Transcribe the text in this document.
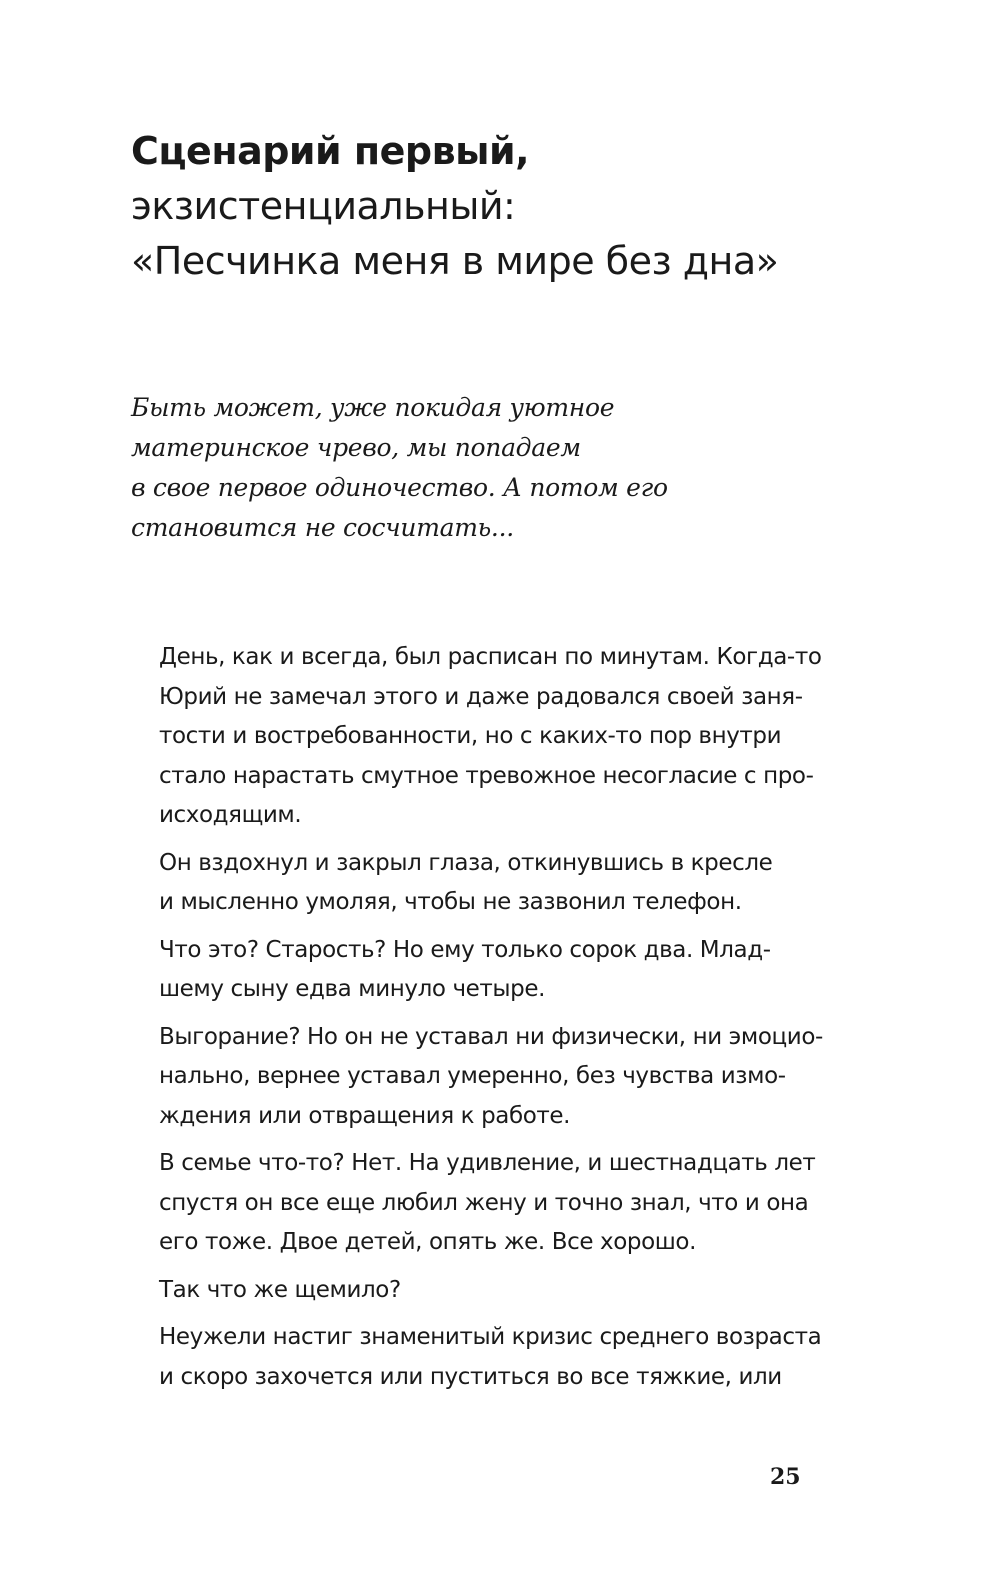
Сценарий первый,
экзистенциальный:
«Песчинка меня в мире без дна»

Быть может, уже покидая уютное
материнское чрево, мы попадаем
в свое первое одиночество. А потом его
становится не сосчитать...

День, как и всегда, был расписан по минутам. Когда-то
Юрий не замечал этого и даже радовался своей заня-
тости и востребованности, но с каких-то пор внутри
стало нарастать смутное тревожное несогласие с про-
исходящим.

Он вздохнул и закрыл глаза, откинувшись в кресле
и мысленно умоляя, чтобы не зазвонил телефон.

Что это? Старость? Но ему только сорок два. Млад-
шему сыну едва минуло четыре.

Выгорание? Но он не уставал ни физически, ни эмоцио-
нально, вернее уставал умеренно, без чувства измо-
ждения или отвращения к работе.

В семье что-то? Нет. На удивление, и шестнадцать лет
спустя он все еще любил жену и точно знал, что и она
его тоже. Двое детей, опять же. Все хорошо.

Так что же щемило?

Неужели настиг знаменитый кризис среднего возраста
и скоро захочется или пуститься во все тяжкие, или

25
